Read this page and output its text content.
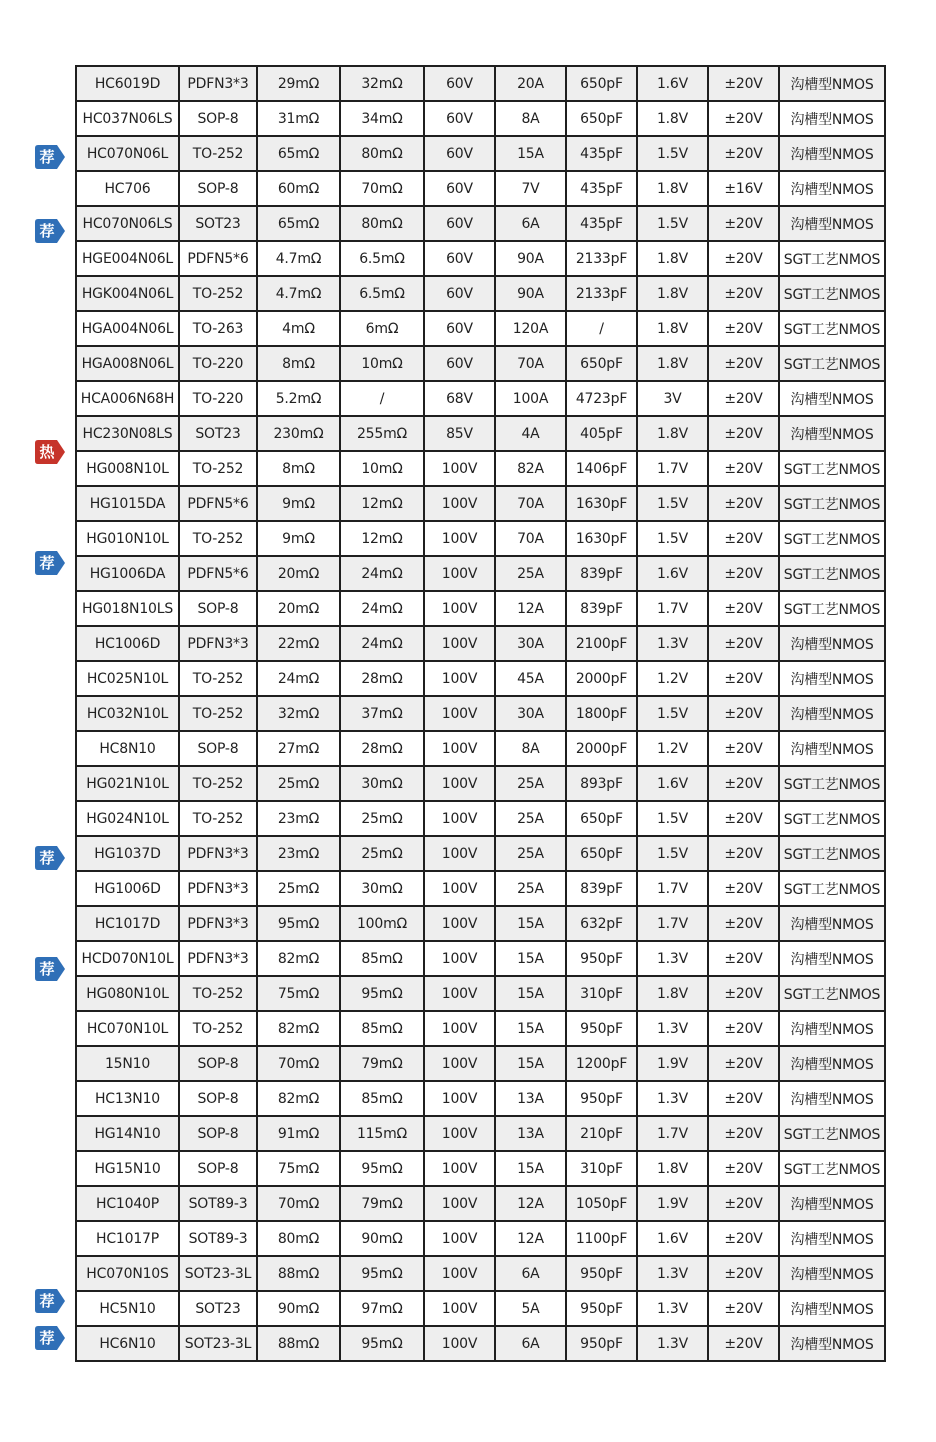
荐
荐
热
荐
荐
荐
荐
荐
HC6019D	PDFN3*3	29mΩ	32mΩ	60V	20A	650pF	1.6V	±20V	沟槽型NMOS
HC037N06LS	SOP-8	31mΩ	34mΩ	60V	8A	650pF	1.8V	±20V	沟槽型NMOS
HC070N06L	TO-252	65mΩ	80mΩ	60V	15A	435pF	1.5V	±20V	沟槽型NMOS
HC706	SOP-8	60mΩ	70mΩ	60V	7V	435pF	1.8V	±16V	沟槽型NMOS
HC070N06LS	SOT23	65mΩ	80mΩ	60V	6A	435pF	1.5V	±20V	沟槽型NMOS
HGE004N06L	PDFN5*6	4.7mΩ	6.5mΩ	60V	90A	2133pF	1.8V	±20V	SGT工艺NMOS
HGK004N06L	TO-252	4.7mΩ	6.5mΩ	60V	90A	2133pF	1.8V	±20V	SGT工艺NMOS
HGA004N06L	TO-263	4mΩ	6mΩ	60V	120A	/	1.8V	±20V	SGT工艺NMOS
HGA008N06L	TO-220	8mΩ	10mΩ	60V	70A	650pF	1.8V	±20V	SGT工艺NMOS
HCA006N68H	TO-220	5.2mΩ	/	68V	100A	4723pF	3V	±20V	沟槽型NMOS
HC230N08LS	SOT23	230mΩ	255mΩ	85V	4A	405pF	1.8V	±20V	沟槽型NMOS
HG008N10L	TO-252	8mΩ	10mΩ	100V	82A	1406pF	1.7V	±20V	SGT工艺NMOS
HG1015DA	PDFN5*6	9mΩ	12mΩ	100V	70A	1630pF	1.5V	±20V	SGT工艺NMOS
HG010N10L	TO-252	9mΩ	12mΩ	100V	70A	1630pF	1.5V	±20V	SGT工艺NMOS
HG1006DA	PDFN5*6	20mΩ	24mΩ	100V	25A	839pF	1.6V	±20V	SGT工艺NMOS
HG018N10LS	SOP-8	20mΩ	24mΩ	100V	12A	839pF	1.7V	±20V	SGT工艺NMOS
HC1006D	PDFN3*3	22mΩ	24mΩ	100V	30A	2100pF	1.3V	±20V	沟槽型NMOS
HC025N10L	TO-252	24mΩ	28mΩ	100V	45A	2000pF	1.2V	±20V	沟槽型NMOS
HC032N10L	TO-252	32mΩ	37mΩ	100V	30A	1800pF	1.5V	±20V	沟槽型NMOS
HC8N10	SOP-8	27mΩ	28mΩ	100V	8A	2000pF	1.2V	±20V	沟槽型NMOS
HG021N10L	TO-252	25mΩ	30mΩ	100V	25A	893pF	1.6V	±20V	SGT工艺NMOS
HG024N10L	TO-252	23mΩ	25mΩ	100V	25A	650pF	1.5V	±20V	SGT工艺NMOS
HG1037D	PDFN3*3	23mΩ	25mΩ	100V	25A	650pF	1.5V	±20V	SGT工艺NMOS
HG1006D	PDFN3*3	25mΩ	30mΩ	100V	25A	839pF	1.7V	±20V	SGT工艺NMOS
HC1017D	PDFN3*3	95mΩ	100mΩ	100V	15A	632pF	1.7V	±20V	沟槽型NMOS
HCD070N10L	PDFN3*3	82mΩ	85mΩ	100V	15A	950pF	1.3V	±20V	沟槽型NMOS
HG080N10L	TO-252	75mΩ	95mΩ	100V	15A	310pF	1.8V	±20V	SGT工艺NMOS
HC070N10L	TO-252	82mΩ	85mΩ	100V	15A	950pF	1.3V	±20V	沟槽型NMOS
15N10	SOP-8	70mΩ	79mΩ	100V	15A	1200pF	1.9V	±20V	沟槽型NMOS
HC13N10	SOP-8	82mΩ	85mΩ	100V	13A	950pF	1.3V	±20V	沟槽型NMOS
HG14N10	SOP-8	91mΩ	115mΩ	100V	13A	210pF	1.7V	±20V	SGT工艺NMOS
HG15N10	SOP-8	75mΩ	95mΩ	100V	15A	310pF	1.8V	±20V	SGT工艺NMOS
HC1040P	SOT89-3	70mΩ	79mΩ	100V	12A	1050pF	1.9V	±20V	沟槽型NMOS
HC1017P	SOT89-3	80mΩ	90mΩ	100V	12A	1100pF	1.6V	±20V	沟槽型NMOS
HC070N10S	SOT23-3L	88mΩ	95mΩ	100V	6A	950pF	1.3V	±20V	沟槽型NMOS
HC5N10	SOT23	90mΩ	97mΩ	100V	5A	950pF	1.3V	±20V	沟槽型NMOS
HC6N10	SOT23-3L	88mΩ	95mΩ	100V	6A	950pF	1.3V	±20V	沟槽型NMOS
